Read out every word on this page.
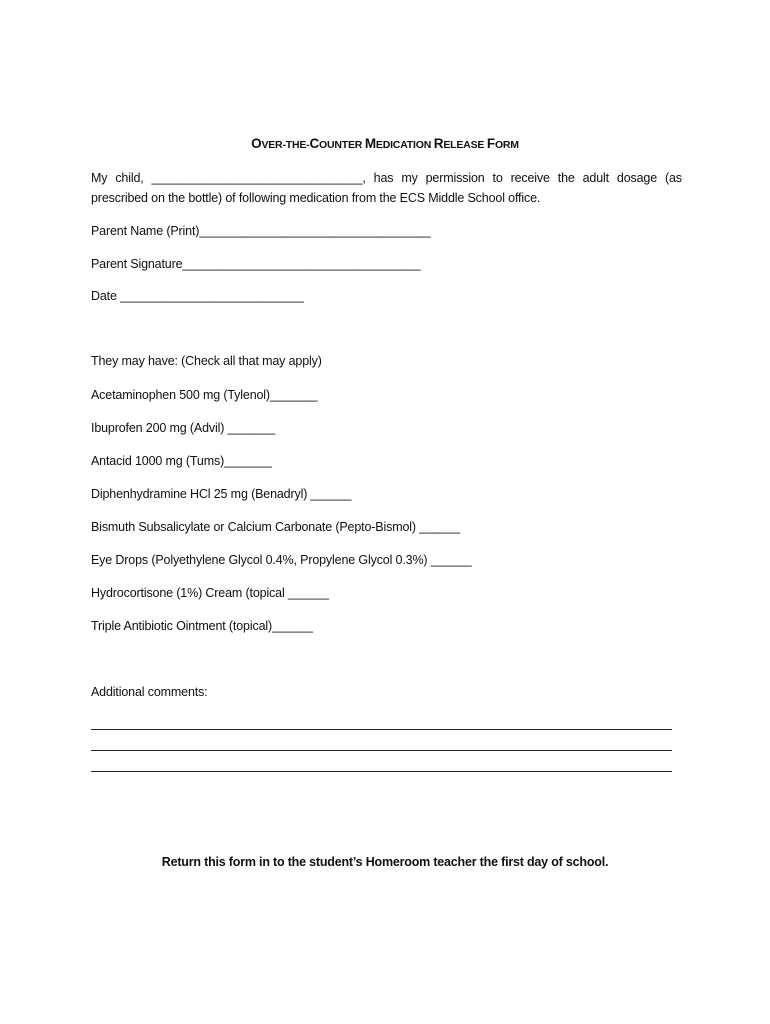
OVER-THE-COUNTER MEDICATION RELEASE FORM
My child, _______________________________, has my permission to receive the adult dosage (as
prescribed on the bottle) of following medication from the ECS Middle School office.
Parent Name (Print)__________________________________
Parent Signature___________________________________
Date ___________________________
They may have: (Check all that may apply)
Acetaminophen 500 mg (Tylenol)_______
Ibuprofen 200 mg (Advil) _______
Antacid 1000 mg (Tums)_______
Diphenhydramine HCl 25 mg (Benadryl) ______
Bismuth Subsalicylate or Calcium Carbonate (Pepto-Bismol) ______
Eye Drops (Polyethylene Glycol 0.4%, Propylene Glycol 0.3%) ______
Hydrocortisone (1%) Cream (topical ______
Triple Antibiotic Ointment (topical)______
Additional comments:
Return this form in to the student’s Homeroom teacher the first day of school.
